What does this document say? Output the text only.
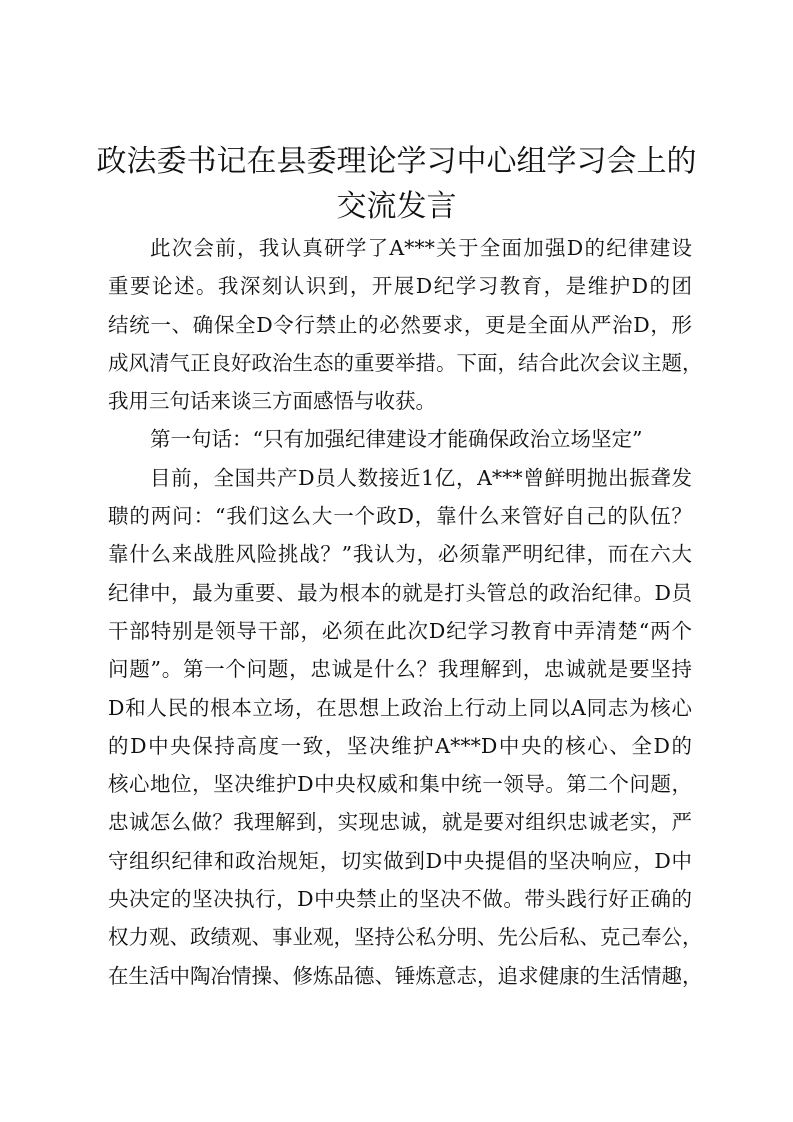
政法委书记在县委理论学习中心组学习会上的
交流发言
此次会前，我认真研学了A***关于全面加强D的纪律建设
重要论述。我深刻认识到，开展D纪学习教育，是维护D的团
结统一、确保全D令行禁止的必然要求，更是全面从严治D，形
成风清气正良好政治生态的重要举措。下面，结合此次会议主题，
我用三句话来谈三方面感悟与收获。
第一句话：“只有加强纪律建设才能确保政治立场坚定”
目前，全国共产D员人数接近1亿，A***曾鲜明抛出振聋发
聩的两问：“我们这么大一个政D，靠什么来管好自己的队伍？
靠什么来战胜风险挑战？”我认为，必须靠严明纪律，而在六大
纪律中，最为重要、最为根本的就是打头管总的政治纪律。D员
干部特别是领导干部，必须在此次D纪学习教育中弄清楚“两个
问题”。第一个问题，忠诚是什么？我理解到，忠诚就是要坚持
D和人民的根本立场，在思想上政治上行动上同以A同志为核心
的D中央保持高度一致，坚决维护A***D中央的核心、全D的
核心地位，坚决维护D中央权威和集中统一领导。第二个问题，
忠诚怎么做？我理解到，实现忠诚，就是要对组织忠诚老实，严
守组织纪律和政治规矩，切实做到D中央提倡的坚决响应，D中
央决定的坚决执行，D中央禁止的坚决不做。带头践行好正确的
权力观、政绩观、事业观，坚持公私分明、先公后私、克己奉公，
在生活中陶冶情操、修炼品德、锤炼意志，追求健康的生活情趣，
